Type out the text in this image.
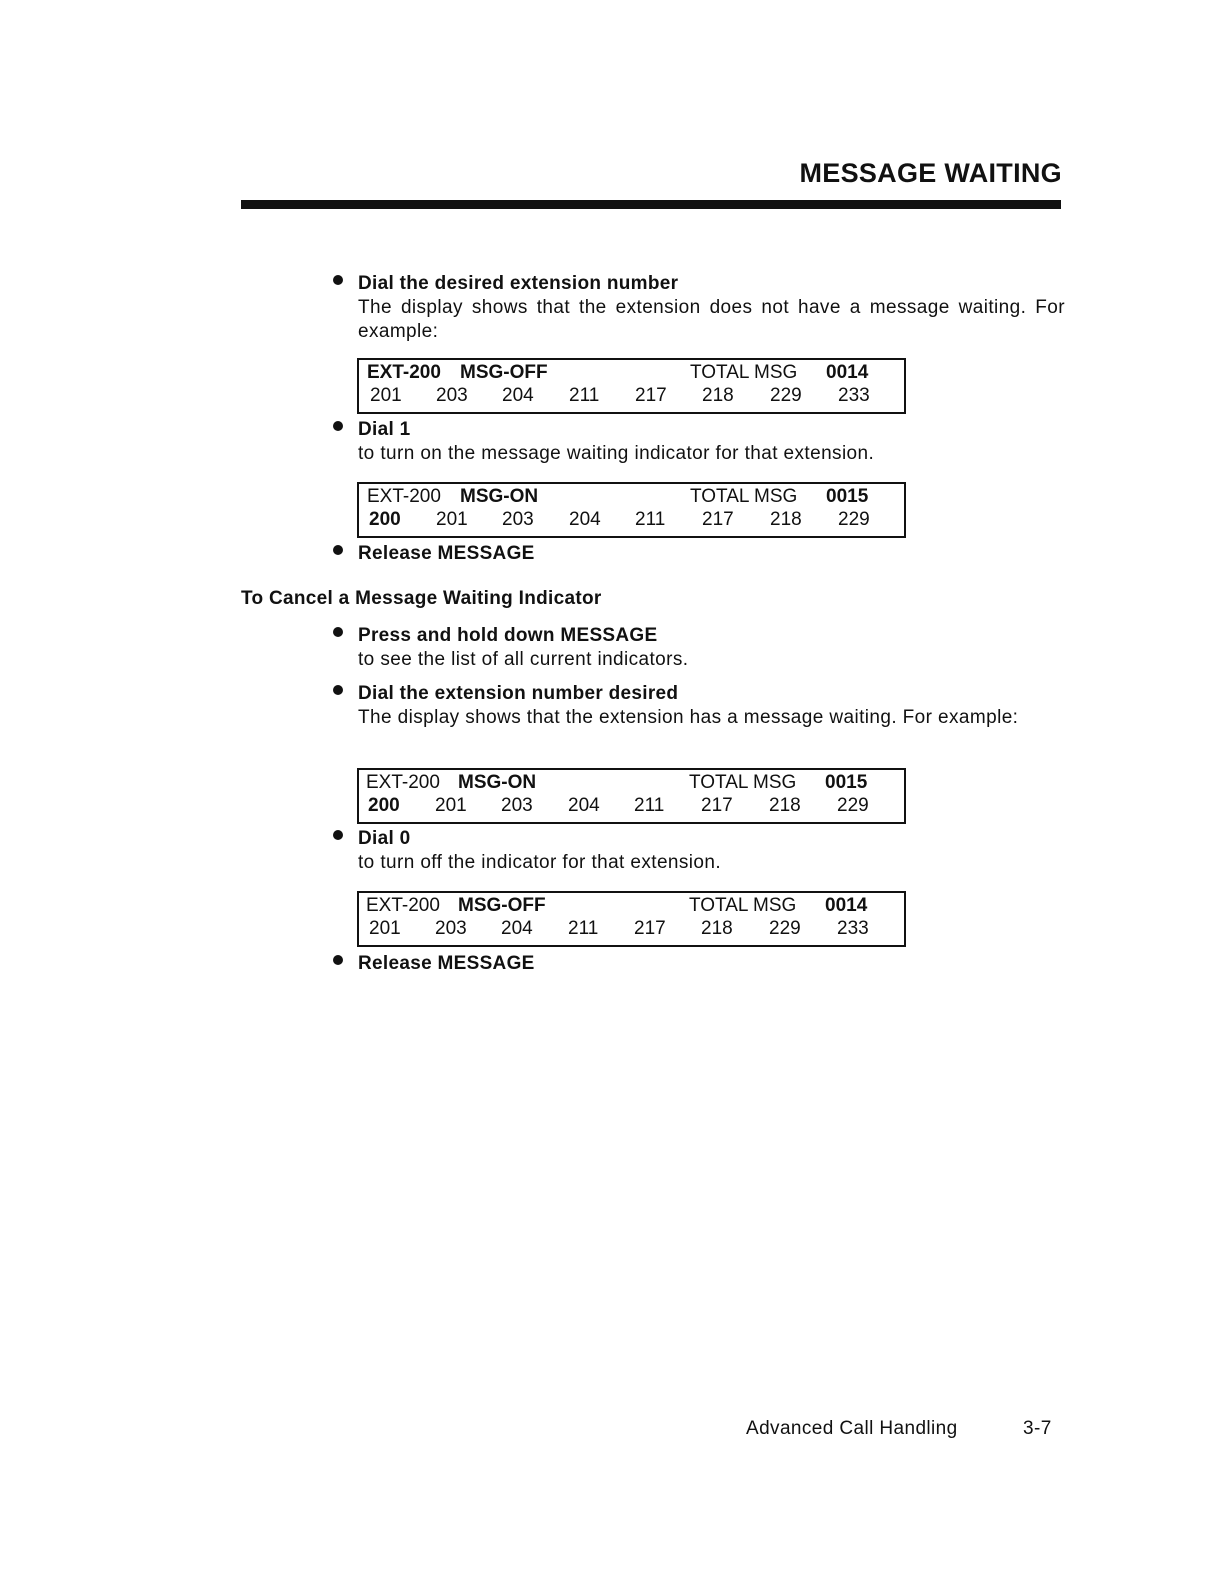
MESSAGE WAITING
Dial the desired extension number
The display shows that the extension does not have a message waiting. For example:
EXT-200 MSG-OFF	TOTAL MSG 0014
201 203 204 211 217 218 229 233
Dial 1
to turn on the message waiting indicator for that extension.
EXT-200 MSG-ON	TOTAL MSG 0015
200 201 203 204 211 217 218 229
Release MESSAGE
To Cancel a Message Waiting Indicator
Press and hold down MESSAGE
to see the list of all current indicators.
Dial the extension number desired
The display shows that the extension has a message waiting. For example:
EXT-200 MSG-ON	TOTAL MSG 0015
200 201 203 204 211 217 218 229
Dial 0
to turn off the indicator for that extension.
EXT-200 MSG-OFF	TOTAL MSG 0014
201 203 204 211 217 218 229 233
Release MESSAGE
Advanced Call Handling	3-7
